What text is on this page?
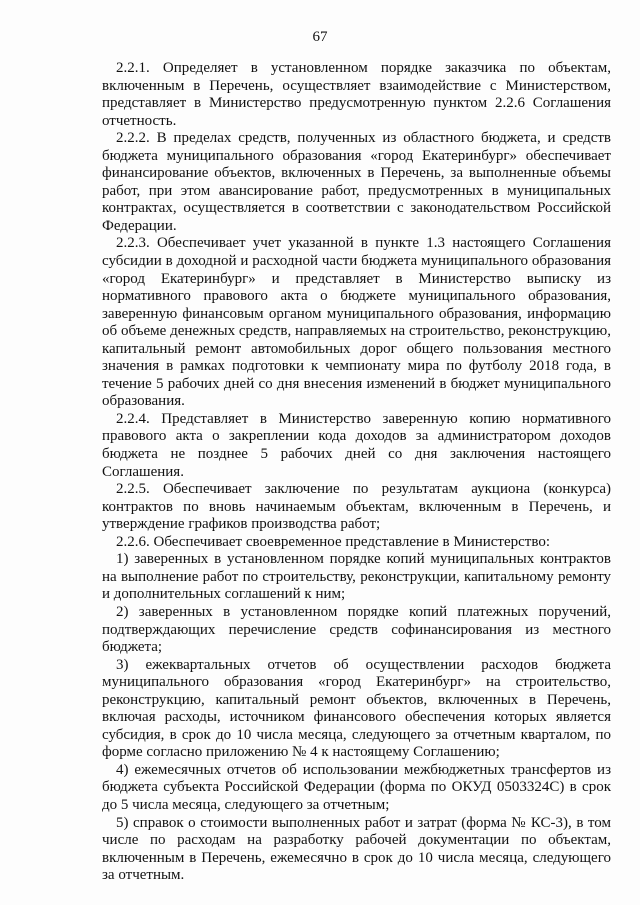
67

2.2.1. Определяет в установленном порядке заказчика по объектам, включенным в Перечень, осуществляет взаимодействие с Министерством, представляет в Министерство предусмотренную пунктом 2.2.6 Соглашения отчетность.

2.2.2. В пределах средств, полученных из областного бюджета, и средств бюджета муниципального образования «город Екатеринбург» обеспечивает финансирование объектов, включенных в Перечень, за выполненные объемы работ, при этом авансирование работ, предусмотренных в муниципальных контрактах, осуществляется в соответствии с законодательством Российской Федерации.

2.2.3. Обеспечивает учет указанной в пункте 1.3 настоящего Соглашения субсидии в доходной и расходной части бюджета муниципального образования «город Екатеринбург» и представляет в Министерство выписку из нормативного правового акта о бюджете муниципального образования, заверенную финансовым органом муниципального образования, информацию об объеме денежных средств, направляемых на строительство, реконструкцию, капитальный ремонт автомобильных дорог общего пользования местного значения в рамках подготовки к чемпионату мира по футболу 2018 года, в течение 5 рабочих дней со дня внесения изменений в бюджет муниципального образования.

2.2.4. Представляет в Министерство заверенную копию нормативного правового акта о закреплении кода доходов за администратором доходов бюджета не позднее 5 рабочих дней со дня заключения настоящего Соглашения.

2.2.5. Обеспечивает заключение по результатам аукциона (конкурса) контрактов по вновь начинаемым объектам, включенным в Перечень, и утверждение графиков производства работ;

2.2.6. Обеспечивает своевременное представление в Министерство:

1) заверенных в установленном порядке копий муниципальных контрактов на выполнение работ по строительству, реконструкции, капитальному ремонту и дополнительных соглашений к ним;

2) заверенных в установленном порядке копий платежных поручений, подтверждающих перечисление средств софинансирования из местного бюджета;

3) ежеквартальных отчетов об осуществлении расходов бюджета муниципального образования «город Екатеринбург» на строительство, реконструкцию, капитальный ремонт объектов, включенных в Перечень, включая расходы, источником финансового обеспечения которых является субсидия, в срок до 10 числа месяца, следующего за отчетным кварталом, по форме согласно приложению № 4 к настоящему Соглашению;

4) ежемесячных отчетов об использовании межбюджетных трансфертов из бюджета субъекта Российской Федерации (форма по ОКУД 0503324С) в срок до 5 числа месяца, следующего за отчетным;

5) справок о стоимости выполненных работ и затрат (форма № КС-3), в том числе по расходам на разработку рабочей документации по объектам, включенным в Перечень, ежемесячно в срок до 10 числа месяца, следующего за отчетным.
